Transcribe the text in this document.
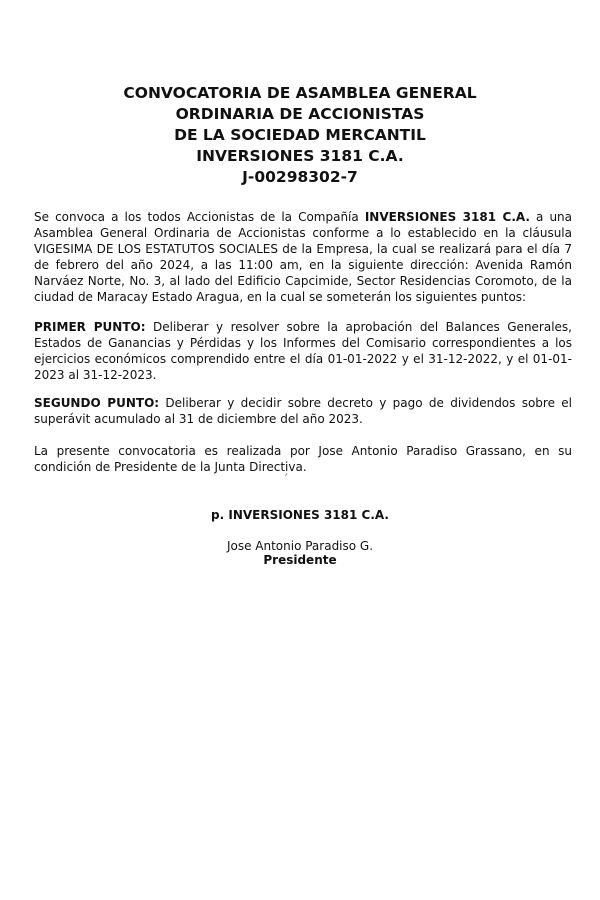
CONVOCATORIA DE ASAMBLEA GENERAL
ORDINARIA DE ACCIONISTAS
DE LA SOCIEDAD MERCANTIL
INVERSIONES 3181 C.A.
J-00298302-7

Se convoca a los todos Accionistas de la Compañía INVERSIONES 3181 C.A. a una Asamblea General Ordinaria de Accionistas conforme a lo establecido en la cláusula VIGESIMA DE LOS ESTATUTOS SOCIALES de la Empresa, la cual se realizará para el día 7 de febrero del año 2024, a las 11:00 am, en la siguiente dirección: Avenida Ramón Narváez Norte, No. 3, al lado del Edificio Capcimide, Sector Residencias Coromoto, de la ciudad de Maracay Estado Aragua, en la cual se someterán los siguientes puntos:

PRIMER PUNTO: Deliberar y resolver sobre la aprobación del Balances Generales, Estados de Ganancias y Pérdidas y los Informes del Comisario correspondientes a los ejercicios económicos comprendido entre el día 01-01-2022 y el 31-12-2022, y el 01-01-2023 al 31-12-2023.

SEGUNDO PUNTO: Deliberar y decidir sobre decreto y pago de dividendos sobre el superávit acumulado al 31 de diciembre del año 2023.

La presente convocatoria es realizada por Jose Antonio Paradiso Grassano, en su condición de Presidente de la Junta Directiva.

´
p. INVERSIONES 3181 C.A.
Jose Antonio Paradiso G.
Presidente
